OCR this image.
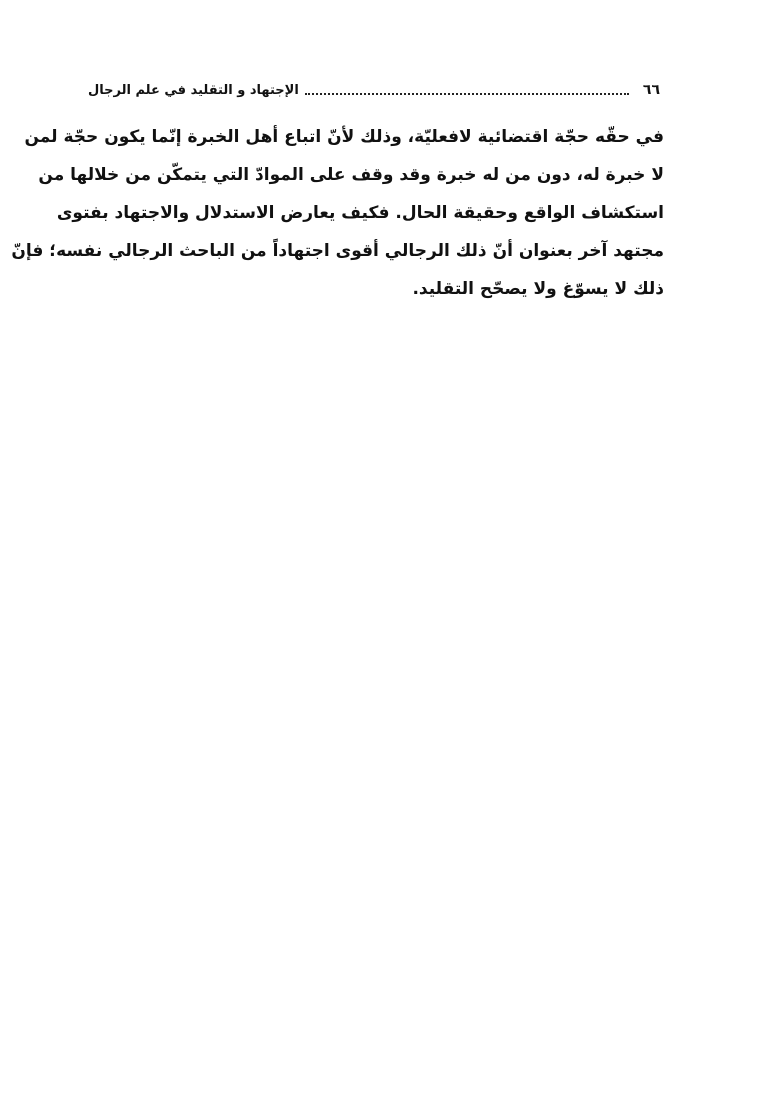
٦٦
الإجتهاد و التقليد في علم الرجال
في حقّه حجّة اقتضائية لافعليّة، وذلك لأنّ اتباع أهل الخبرة إنّما يكون حجّة لمن
لا خبرة له، دون من له خبرة وقد وقف على الموادّ التي يتمكّن من خلالها من
استكشاف الواقع وحقيقة الحال. فكيف يعارض الاستدلال والاجتهاد بفتوى
مجتهد آخر بعنوان أنّ ذلك الرجالي أقوى اجتهاداً من الباحث الرجالي نفسه؛ فإنّ
ذلك لا يسوّغ ولا يصحّح التقليد.
